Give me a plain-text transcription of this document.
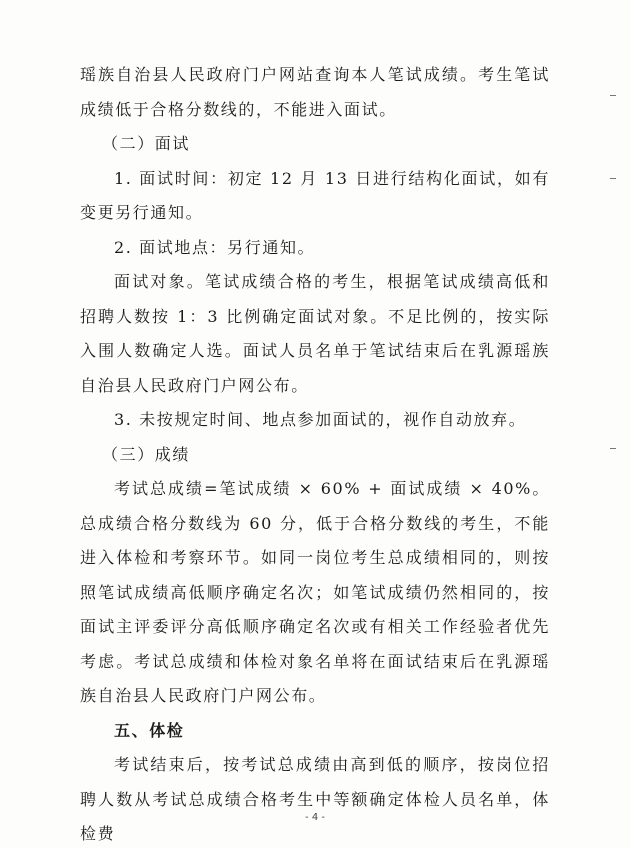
瑶族自治县人民政府门户网站查询本人笔试成绩。考生笔试成绩低于合格分数线的，不能进入面试。

（二）面试

1. 面试时间：初定 12 月 13 日进行结构化面试，如有变更另行通知。

2. 面试地点：另行通知。

面试对象。笔试成绩合格的考生，根据笔试成绩高低和招聘人数按 1：3 比例确定面试对象。不足比例的，按实际入围人数确定人选。面试人员名单于笔试结束后在乳源瑶族自治县人民政府门户网公布。

3. 未按规定时间、地点参加面试的，视作自动放弃。

（三）成绩

考试总成绩=笔试成绩 × 60% + 面试成绩 × 40%。总成绩合格分数线为 60 分，低于合格分数线的考生，不能进入体检和考察环节。如同一岗位考生总成绩相同的，则按照笔试成绩高低顺序确定名次；如笔试成绩仍然相同的，按面试主评委评分高低顺序确定名次或有相关工作经验者优先考虑。考试总成绩和体检对象名单将在面试结束后在乳源瑶族自治县人民政府门户网公布。

五、体检

考试结束后，按考试总成绩由高到低的顺序，按岗位招聘人数从考试总成绩合格考生中等额确定体检人员名单，体检费

- 4 -
